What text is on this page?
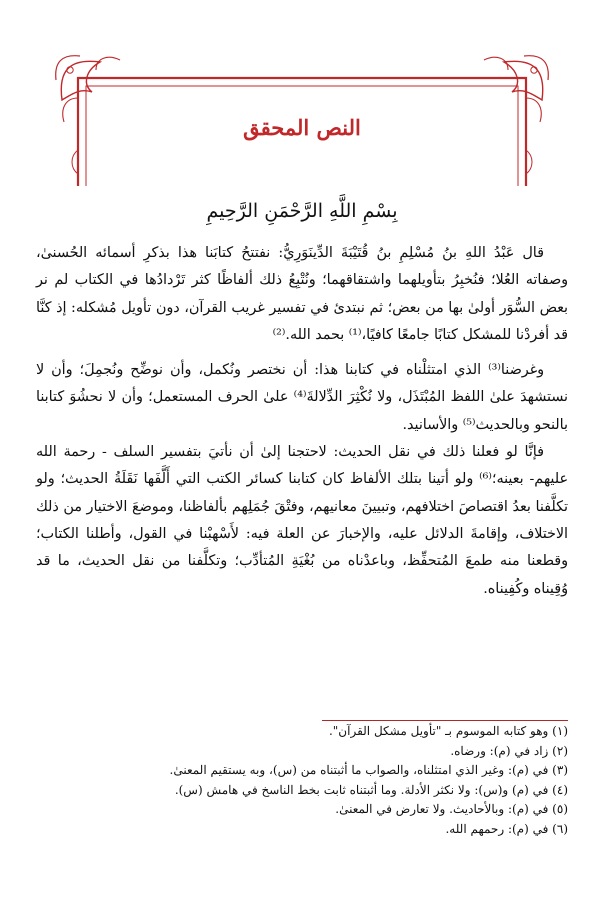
النص المحقق
بِسْمِ اللَّهِ الرَّحْمَنِ الرَّحِيمِ

قال عَبْدُ اللهِ بنُ مُسْلِمِ بنُ قُتَيْبَةَ الدِّينَوَرِيُّ: نفتتحُ كتابَنا هذا بذكرِ أسمائه الحُسنىٰ، وصفاته العُلا؛ فنُخبِرُ بتأويلهما واشتقاقهما؛ ونُتْبِعُ ذلك ألفاظًا كثر تَرْدادُها في الكتاب لم نر بعض السُّوَر أولىٰ بها من بعض؛ ثم نبتدئ في تفسير غريب القرآن، دون تأويل مُشكله: إذ كنَّا قد أفردْنا للمشكل كتابًا جامعًا كافيًا،⁽¹⁾ بحمد الله.⁽²⁾

وغرضنا⁽³⁾ الذي امتثلْناه في كتابنا هذا: أن نختصر ونُكمل، وأن نوضِّح ونُجمِلَ؛ وأن لا نستشهدَ علىٰ اللفظ المُبْتَذَل، ولا نُكْثِرَ الدِّلالةَ⁽⁴⁾ علىٰ الحرف المستعمل؛ وأن لا نحشُوَ كتابنا بالنحو وبالحديث⁽⁵⁾ والأسانيد.

فإنَّا لو فعلنا ذلك في نقل الحديث: لاحتجنا إلىٰ أن نأتيَ بتفسير السلف - رحمة الله عليهم- بعينه؛⁽⁶⁾ ولو أتينا بتلك الألفاظ كان كتابنا كسائر الكتب التي أَلَّفَها نَقَلَةُ الحديث؛ ولو تكلَّفنا بعدُ اقتصاصَ اختلافهم، وتبيينَ معانيهم، وفتْقَ جُمَلِهم بألفاظنا، وموضعَ الاختيار من ذلك الاختلاف، وإقامةَ الدلائل عليه، والإخبارَ عن العلة فيه: لأَسْهبْنا في القول، وأطلنا الكتاب؛ وقطعنا منه طمعَ المُتحفِّظ، وباعدْناه من بُغْيَةِ المُتأدِّب؛ وتكلَّفنا من نقل الحديث، ما قد وُقِيناه وكُفِيناه.

(١) وهو كتابه الموسوم بـ "تأويل مشكل القرآن".
(٢) زاد في (م): ورضاه.
(٣) في (م): وغير الذي امتثلناه، والصواب ما أثبتناه من (س)، وبه يستقيم المعنىٰ.
(٤) في (م) و(س): ولا نكثر الأدلة. وما أثبتناه ثابت بخط الناسخ في هامش (س).
(٥) في (م): وبالأحاديث. ولا تعارض في المعنىٰ.
(٦) في (م): رحمهم الله.
